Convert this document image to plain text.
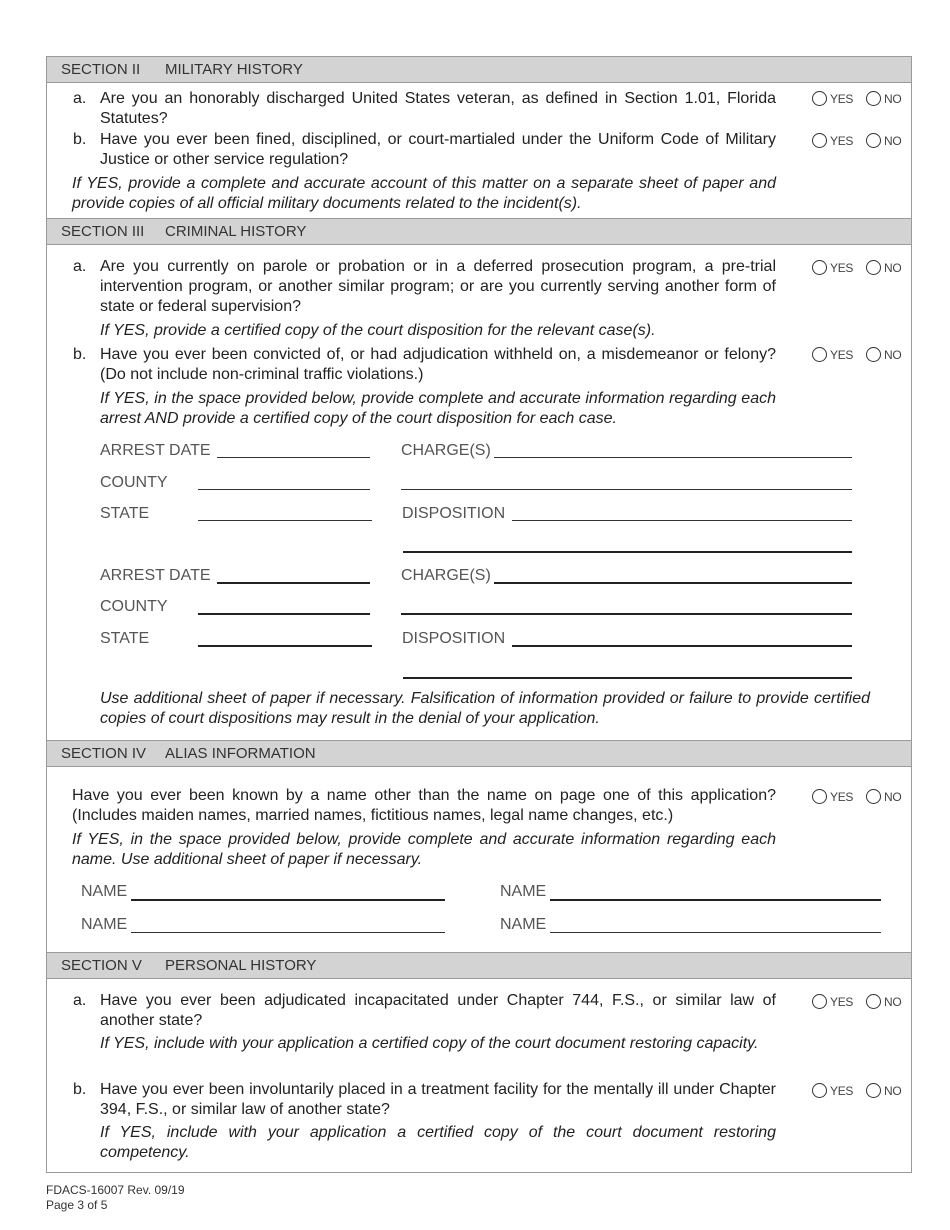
SECTION II MILITARY HISTORY
a. Are you an honorably discharged United States veteran, as defined in Section 1.01, Florida Statutes?
YES	NO
b. Have you ever been fined, disciplined, or court-martialed under the Uniform Code of Military Justice or other service regulation?
YES	NO
If YES, provide a complete and accurate account of this matter on a separate sheet of paper and provide copies of all official military documents related to the incident(s).
SECTION III CRIMINAL HISTORY
a. Are you currently on parole or probation or in a deferred prosecution program, a pre-trial intervention program, or another similar program; or are you currently serving another form of state or federal supervision?
YES	NO
If YES, provide a certified copy of the court disposition for the relevant case(s).
b. Have you ever been convicted of, or had adjudication withheld on, a misdemeanor or felony? (Do not include non-criminal traffic violations.)
YES	NO
If YES, in the space provided below, provide complete and accurate information regarding each arrest AND provide a certified copy of the court disposition for each case.
ARREST DATE	CHARGE(S)
COUNTY
STATE	DISPOSITION
ARREST DATE	CHARGE(S)
COUNTY
STATE	DISPOSITION
Use additional sheet of paper if necessary. Falsification of information provided or failure to provide certified copies of court dispositions may result in the denial of your application.
SECTION IV ALIAS INFORMATION
Have you ever been known by a name other than the name on page one of this application? (Includes maiden names, married names, fictitious names, legal name changes, etc.)
YES	NO
If YES, in the space provided below, provide complete and accurate information regarding each name. Use additional sheet of paper if necessary.
NAME	NAME
NAME	NAME
SECTION V PERSONAL HISTORY
a. Have you ever been adjudicated incapacitated under Chapter 744, F.S., or similar law of another state?
YES	NO
If YES, include with your application a certified copy of the court document restoring capacity.
b. Have you ever been involuntarily placed in a treatment facility for the mentally ill under Chapter 394, F.S., or similar law of another state?
YES	NO
If YES, include with your application a certified copy of the court document restoring competency.
FDACS-16007 Rev. 09/19
Page 3 of 5
